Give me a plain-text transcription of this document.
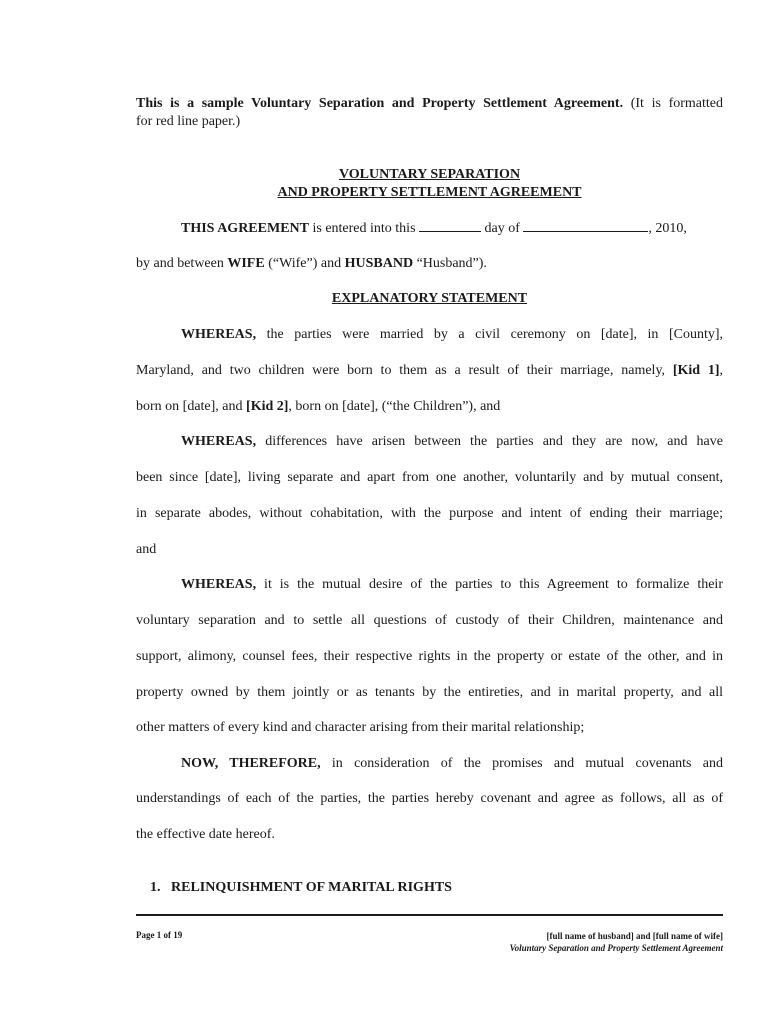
This is a sample Voluntary Separation and Property Settlement Agreement. (It is formatted
for red line paper.)
VOLUNTARY SEPARATION
AND PROPERTY SETTLEMENT AGREEMENT
THIS AGREEMENT is entered into this	day of	, 2010,
by and between WIFE (“Wife”) and HUSBAND “Husband”).
EXPLANATORY STATEMENT
WHEREAS, the parties were married by a civil ceremony on [date], in [County],
Maryland, and two children were born to them as a result of their marriage, namely, [Kid 1],
born on [date], and [Kid 2], born on [date], (“the Children”), and
WHEREAS, differences have arisen between the parties and they are now, and have
been since [date], living separate and apart from one another, voluntarily and by mutual consent,
in separate abodes, without cohabitation, with the purpose and intent of ending their marriage;
and
WHEREAS, it is the mutual desire of the parties to this Agreement to formalize their
voluntary separation and to settle all questions of custody of their Children, maintenance and
support, alimony, counsel fees, their respective rights in the property or estate of the other, and in
property owned by them jointly or as tenants by the entireties, and in marital property, and all
other matters of every kind and character arising from their marital relationship;
NOW, THEREFORE, in consideration of the promises and mutual covenants and
understandings of each of the parties, the parties hereby covenant and agree as follows, all as of
the effective date hereof.

1.   RELINQUISHMENT OF MARITAL RIGHTS

Page 1 of 19	[full name of husband] and [full name of wife]
Voluntary Separation and Property Settlement Agreement
